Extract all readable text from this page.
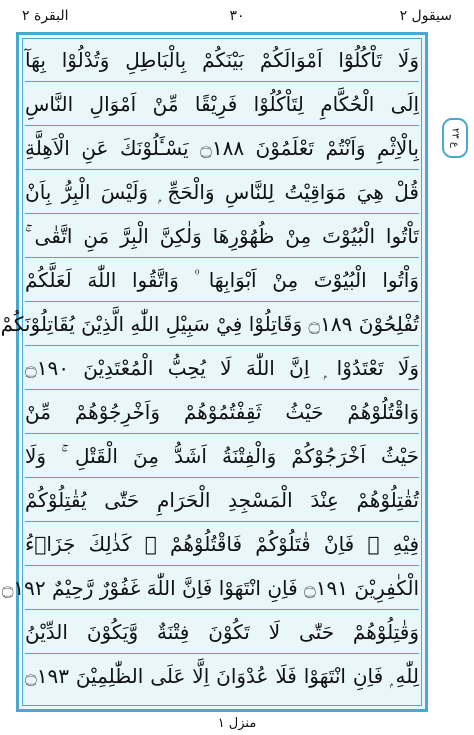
سیقول ۲
۳۰
البقرة ۲
وَلَا تَاْكُلُوْٓا اَمْوَالَكُمْ بَيْنَكُمْ بِالْبَاطِلِ وَتُدْلُوْا بِهَآ
اِلَى الْحُكَّامِ لِتَاْكُلُوْا فَرِيْقًا مِّنْ اَمْوَالِ النَّاسِ
بِالْاِثْمِ وَاَنْتُمْ تَعْلَمُوْنَ ۝١٨٨ يَسْـَٔلُوْنَكَ عَنِ الْاَهِلَّةِ
قُلْ هِيَ مَوَاقِيْتُ لِلنَّاسِ وَالْحَجِّ ۭ وَلَيْسَ الْبِرُّ بِاَنْ
تَاْتُوا الْبُيُوْتَ مِنْ ظُهُوْرِهَا وَلٰكِنَّ الْبِرَّ مَنِ اتَّقٰى ۚ
وَاْتُوا الْبُيُوْتَ مِنْ اَبْوَابِهَا ۠ وَاتَّقُوا اللّٰهَ لَعَلَّكُمْ
تُفْلِحُوْنَ ۝١٨٩ وَقَاتِلُوْا فِيْ سَبِيْلِ اللّٰهِ الَّذِيْنَ يُقَاتِلُوْنَكُمْ
وَلَا تَعْتَدُوْا ۭ اِنَّ اللّٰهَ لَا يُحِبُّ الْمُعْتَدِيْنَ ۝١٩٠
وَاقْتُلُوْهُمْ حَيْثُ ثَقِفْتُمُوْهُمْ وَاَخْرِجُوْهُمْ مِّنْ
حَيْثُ اَخْرَجُوْكُمْ وَالْفِتْنَةُ اَشَدُّ مِنَ الْقَتْلِ ۚ وَلَا
تُقٰتِلُوْهُمْ عِنْدَ الْمَسْجِدِ الْحَرَامِ حَتّٰى يُقٰتِلُوْكُمْ
فِيْهِ ۚ فَاِنْ قٰتَلُوْكُمْ فَاقْتُلُوْهُمْ ۭ كَذٰلِكَ جَزَاۗءُ
الْكٰفِرِيْنَ ۝١٩١ فَاِنِ انْتَهَوْا فَاِنَّ اللّٰهَ غَفُوْرٌ رَّحِيْمٌ ۝١٩٢
وَقٰتِلُوْهُمْ حَتّٰى لَا تَكُوْنَ فِتْنَةٌ وَّيَكُوْنَ الدِّيْنُ
لِلّٰهِ ۭ فَاِنِ انْتَهَوْا فَلَا عُدْوَانَ اِلَّا عَلَى الظّٰلِمِيْنَ ۝١٩٣
ع ۲۳
منزل ۱
